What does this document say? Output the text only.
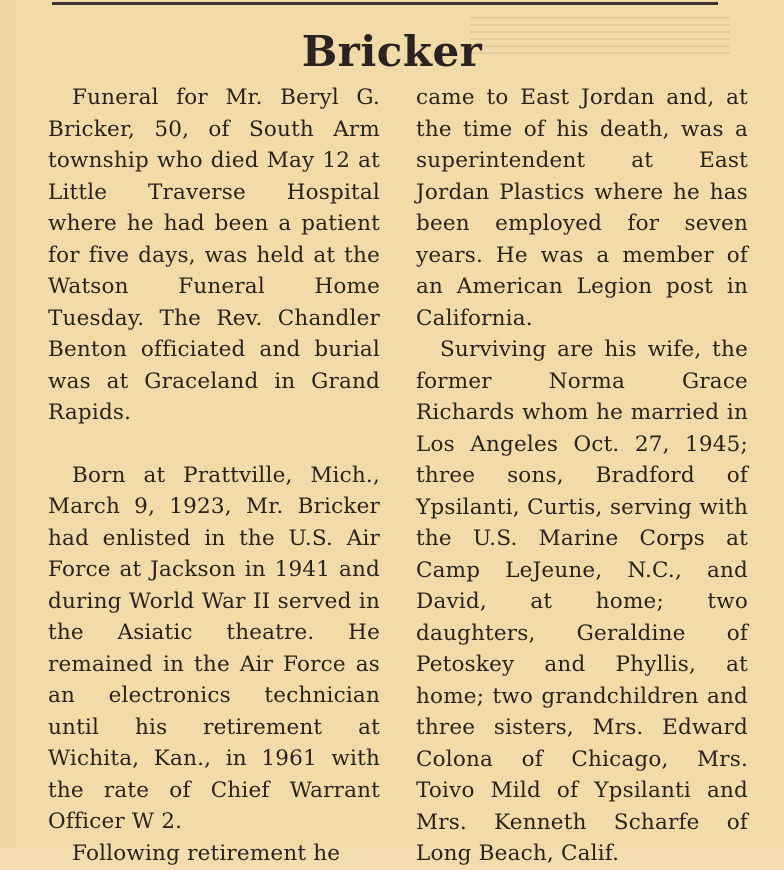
Bricker

Funeral for Mr. Beryl G. Bricker, 50, of South Arm township who died May 12 at Little Traverse Hospital where he had been a patient for five days, was held at the Watson Funeral Home Tuesday. The Rev. Chandler Benton officiated and burial was at Graceland in Grand Rapids.

Born at Prattville, Mich., March 9, 1923, Mr. Bricker had enlisted in the U.S. Air Force at Jackson in 1941 and during World War II served in the Asiatic theatre. He remained in the Air Force as an electronics technician until his retirement at Wichita, Kan., in 1961 with the rate of Chief Warrant Officer W 2.

Following retirement he

came to East Jordan and, at the time of his death, was a superintendent at East Jordan Plastics where he has been employed for seven years. He was a member of an American Legion post in California.

Surviving are his wife, the former Norma Grace Richards whom he married in Los Angeles Oct. 27, 1945; three sons, Bradford of Ypsilanti, Curtis, serving with the U.S. Marine Corps at Camp LeJeune, N.C., and David, at home; two daughters, Geraldine of Petoskey and Phyllis, at home; two grandchildren and three sisters, Mrs. Edward Colona of Chicago, Mrs. Toivo Mild of Ypsilanti and Mrs. Kenneth Scharfe of Long Beach, Calif.
